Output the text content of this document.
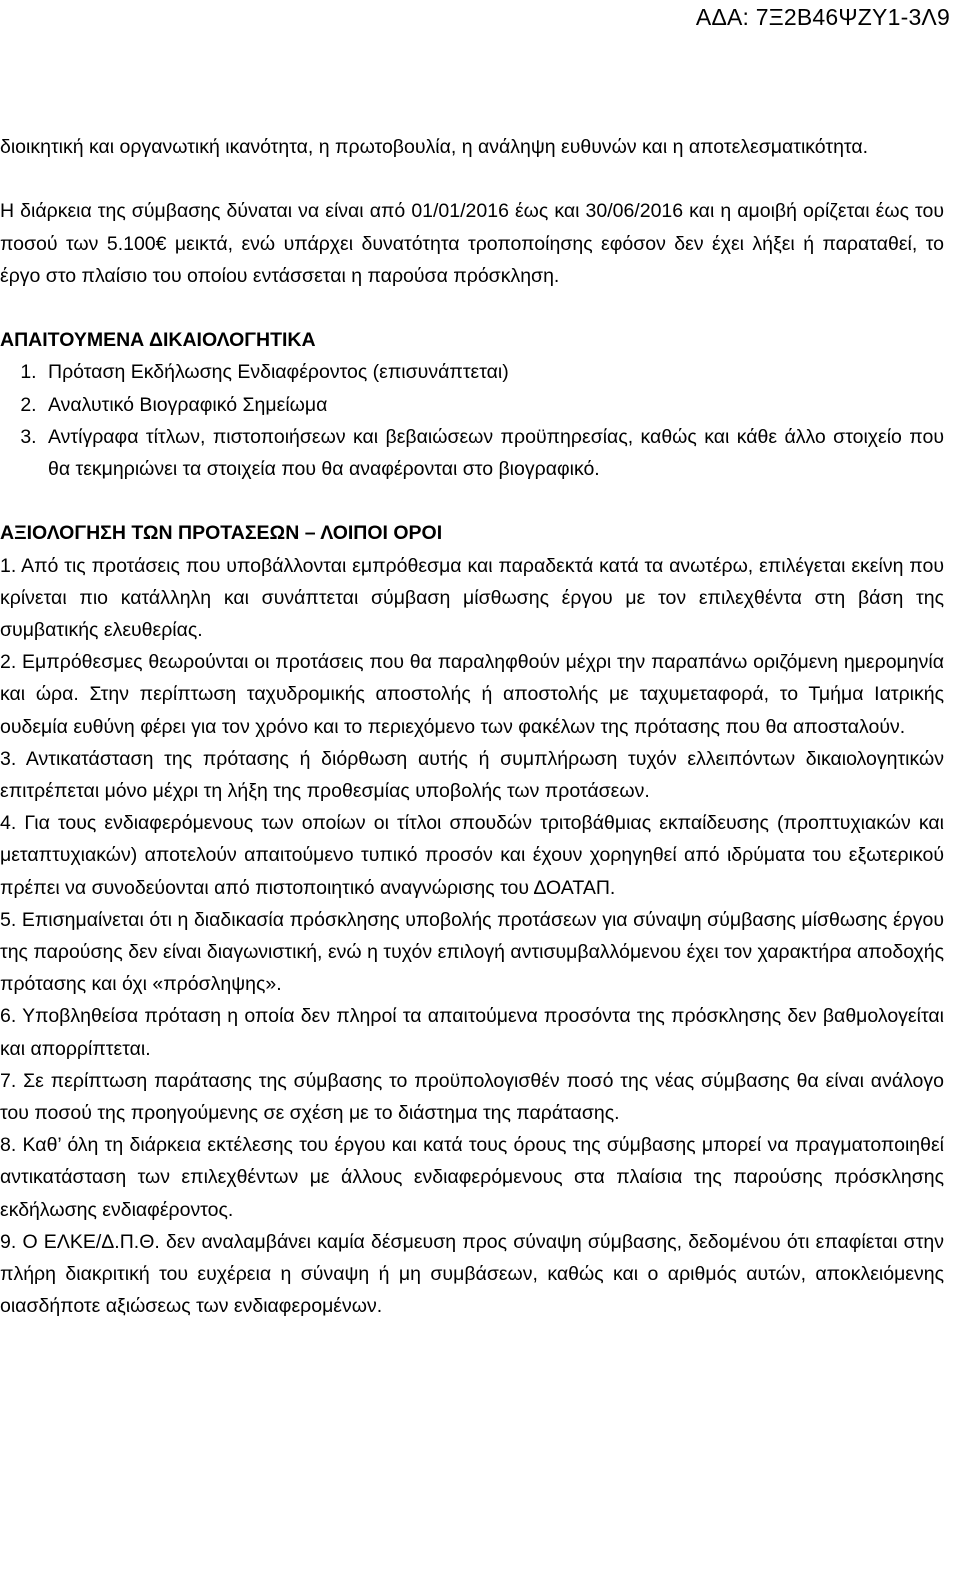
ΑΔΑ: 7Ξ2Β46ΨΖΥ1-3Λ9

διοικητική και οργανωτική ικανότητα, η πρωτοβουλία, η ανάληψη ευθυνών και η αποτελεσματικότητα.

Η διάρκεια της σύμβασης δύναται να είναι από 01/01/2016 έως και 30/06/2016 και η αμοιβή ορίζεται έως του ποσού των 5.100€ μεικτά, ενώ υπάρχει δυνατότητα τροποποίησης εφόσον δεν έχει λήξει ή παραταθεί, το έργο στο πλαίσιο του οποίου εντάσσεται η παρούσα πρόσκληση.

ΑΠΑΙΤΟΥΜΕΝΑ ΔΙΚΑΙΟΛΟΓΗΤΙΚΑ

1. Πρόταση Εκδήλωσης Ενδιαφέροντος (επισυνάπτεται)
2. Αναλυτικό Βιογραφικό Σημείωμα
3. Αντίγραφα τίτλων, πιστοποιήσεων και βεβαιώσεων προϋπηρεσίας, καθώς και κάθε άλλο στοιχείο που θα τεκμηριώνει τα στοιχεία που θα αναφέρονται στο βιογραφικό.

ΑΞΙΟΛΟΓΗΣΗ ΤΩΝ ΠΡΟΤΑΣΕΩΝ – ΛΟΙΠΟΙ ΟΡΟΙ

1. Από τις προτάσεις που υποβάλλονται εμπρόθεσμα και παραδεκτά κατά τα ανωτέρω, επιλέγεται εκείνη που κρίνεται πιο κατάλληλη και συνάπτεται σύμβαση μίσθωσης έργου με τον επιλεχθέντα στη βάση της συμβατικής ελευθερίας.

2. Εμπρόθεσμες θεωρούνται οι προτάσεις που θα παραληφθούν μέχρι την παραπάνω οριζόμενη ημερομηνία και ώρα. Στην περίπτωση ταχυδρομικής αποστολής ή αποστολής με ταχυμεταφορά, το Τμήμα Ιατρικής ουδεμία ευθύνη φέρει για τον χρόνο και το περιεχόμενο των φακέλων της πρότασης που θα αποσταλούν.

3. Αντικατάσταση της πρότασης ή διόρθωση αυτής ή συμπλήρωση τυχόν ελλειπόντων δικαιολογητικών επιτρέπεται μόνο μέχρι τη λήξη της προθεσμίας υποβολής των προτάσεων.

4. Για τους ενδιαφερόμενους των οποίων οι τίτλοι σπουδών τριτοβάθμιας εκπαίδευσης (προπτυχιακών και μεταπτυχιακών) αποτελούν απαιτούμενο τυπικό προσόν και έχουν χορηγηθεί από ιδρύματα του εξωτερικού πρέπει να συνοδεύονται από πιστοποιητικό αναγνώρισης του ΔΟΑΤΑΠ.

5. Επισημαίνεται ότι η διαδικασία πρόσκλησης υποβολής προτάσεων για σύναψη σύμβασης μίσθωσης έργου της παρούσης δεν είναι διαγωνιστική, ενώ η τυχόν επιλογή αντισυμβαλλόμενου έχει τον χαρακτήρα αποδοχής πρότασης και όχι «πρόσληψης».

6. Υποβληθείσα πρόταση η οποία δεν πληροί τα απαιτούμενα προσόντα της πρόσκλησης δεν βαθμολογείται και απορρίπτεται.

7. Σε περίπτωση παράτασης της σύμβασης το προϋπολογισθέν ποσό της νέας σύμβασης θα είναι ανάλογο του ποσού της προηγούμενης σε σχέση με το διάστημα της παράτασης.

8. Καθ’ όλη τη διάρκεια εκτέλεσης του έργου και κατά τους όρους της σύμβασης μπορεί να πραγματοποιηθεί αντικατάσταση των επιλεχθέντων με άλλους ενδιαφερόμενους στα πλαίσια της παρούσης πρόσκλησης εκδήλωσης ενδιαφέροντος.

9. Ο ΕΛΚΕ/Δ.Π.Θ. δεν αναλαμβάνει καμία δέσμευση προς σύναψη σύμβασης, δεδομένου ότι επαφίεται στην πλήρη διακριτική του ευχέρεια η σύναψη ή μη συμβάσεων, καθώς και ο αριθμός αυτών, αποκλειόμενης οιασδήποτε αξιώσεως των ενδιαφερομένων.
